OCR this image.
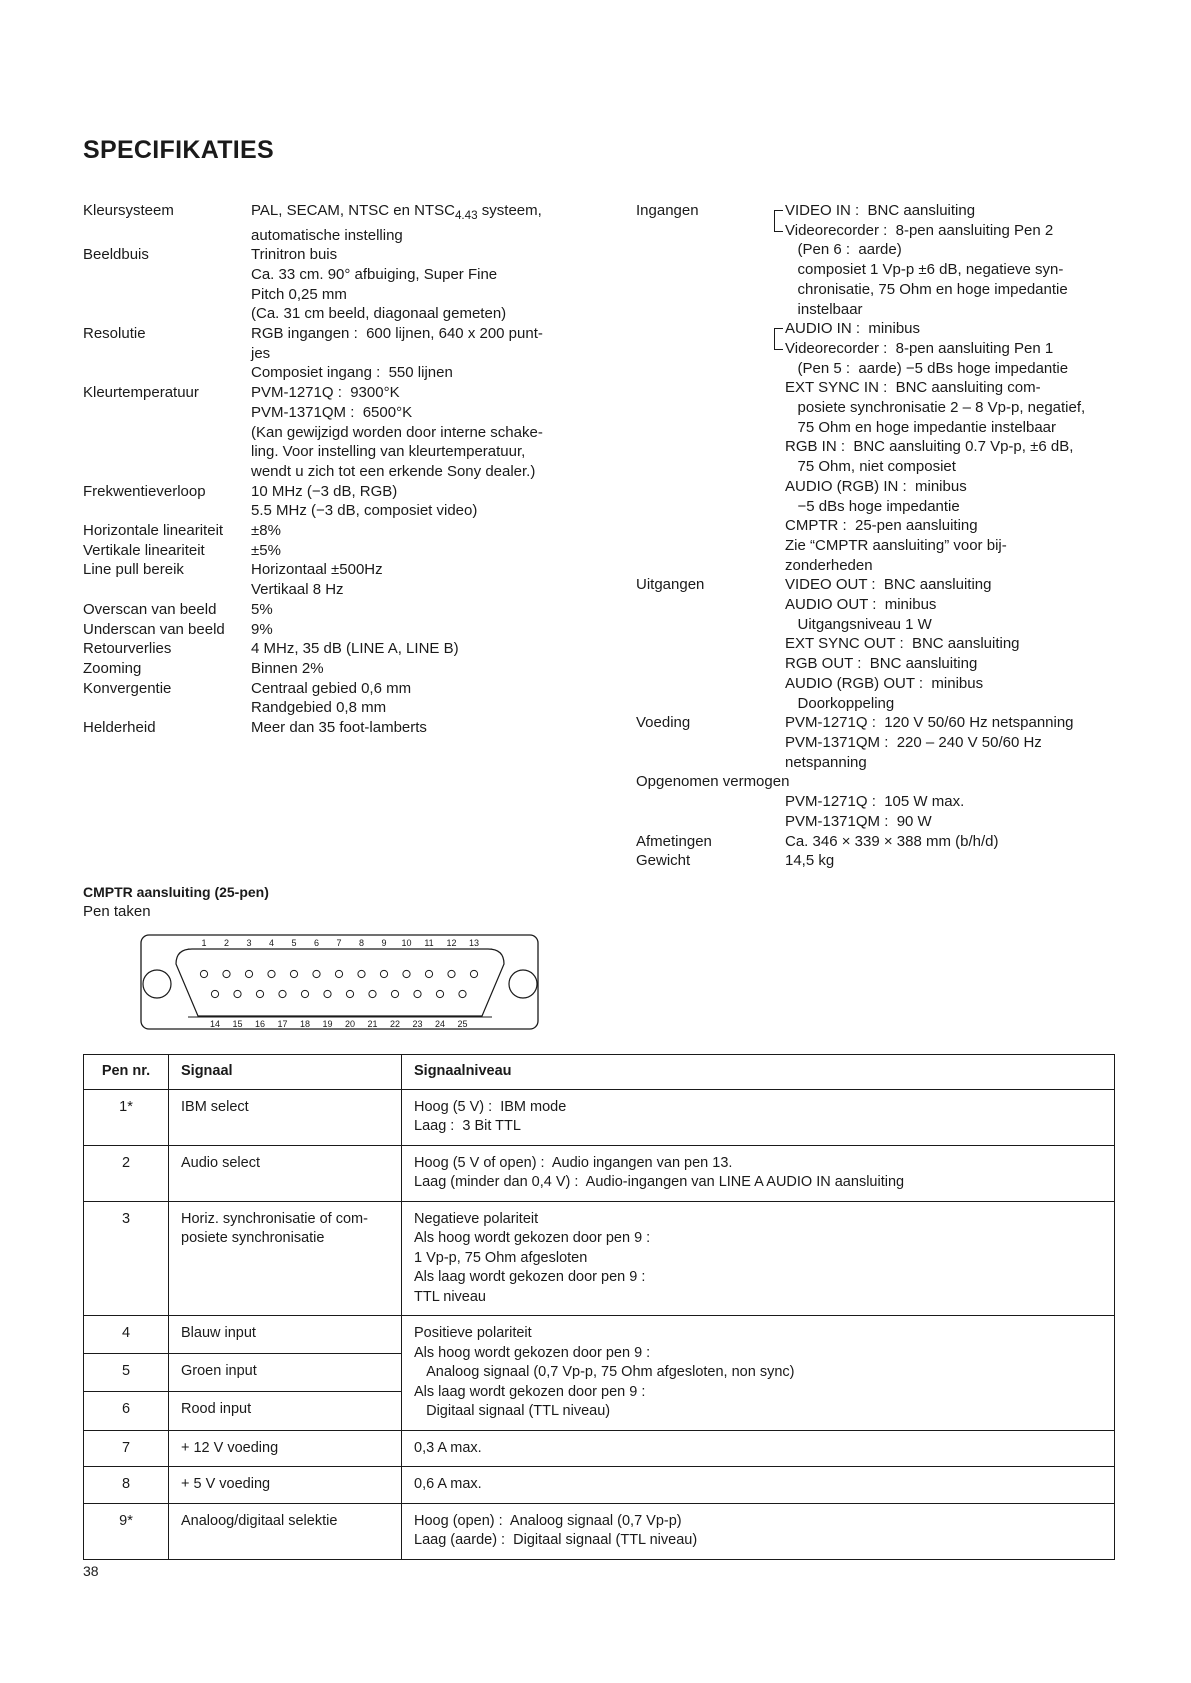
SPECIFIKATIES
Kleursysteem	PAL, SECAM, NTSC en $NTSC_{4.43}$ systeem,
automatische instelling
Beeldbuis	Trinitron buis
Ca. 33 cm. 90° afbuiging, Super Fine
Pitch 0,25 mm
(Ca. 31 cm beeld, diagonaal gemeten)
Resolutie	RGB ingangen :  600 lijnen, 640 x 200 punt-
jes
Composiet ingang :  550 lijnen
Kleurtemperatuur	PVM-1271Q :  9300°K
PVM-1371QM :  6500°K
(Kan gewijzigd worden door interne schake-
ling. Voor instelling van kleurtemperatuur,
wendt u zich tot een erkende Sony dealer.)
Frekwentieverloop	10 MHz (−3 dB, RGB)
5.5 MHz (−3 dB, composiet video)
Horizontale lineariteit	±8%
Vertikale lineariteit	±5%
Line pull bereik	Horizontaal ±500Hz
Vertikaal 8 Hz
Overscan van beeld	5%
Underscan van beeld	9%
Retourverlies	4 MHz, 35 dB (LINE A, LINE B)
Zooming	Binnen 2%
Konvergentie	Centraal gebied 0,6 mm
Randgebied 0,8 mm
Helderheid	Meer dan 35 foot-lamberts
Ingangen	VIDEO IN :  BNC aansluiting
Videorecorder :  8-pen aansluiting Pen 2
(Pen 6 :  aarde)
composiet 1 Vp-p ±6 dB, negatieve syn-
chronisatie, 75 Ohm en hoge impedantie
instelbaar
AUDIO IN :  minibus
Videorecorder :  8-pen aansluiting Pen 1
(Pen 5 :  aarde) −5 dBs hoge impedantie
EXT SYNC IN :  BNC aansluiting com-
posiete synchronisatie 2 – 8 Vp-p, negatief,
75 Ohm en hoge impedantie instelbaar
RGB IN :  BNC aansluiting 0.7 Vp-p, ±6 dB,
75 Ohm, niet composiet
AUDIO (RGB) IN :  minibus
−5 dBs hoge impedantie
CMPTR :  25-pen aansluiting
Zie “CMPTR aansluiting” voor bij-
zonderheden
Uitgangen	VIDEO OUT :  BNC aansluiting
AUDIO OUT :  minibus
Uitgangsniveau 1 W
EXT SYNC OUT :  BNC aansluiting
RGB OUT :  BNC aansluiting
AUDIO (RGB) OUT :  minibus
Doorkoppeling
Voeding	PVM-1271Q :  120 V 50/60 Hz netspanning
PVM-1371QM :  220 – 240 V 50/60 Hz
netspanning
Opgenomen vermogen

PVM-1271Q :  105 W max.
PVM-1371QM :  90 W
Afmetingen	Ca. 346 × 339 × 388 mm (b/h/d)
Gewicht	14,5 kg
CMPTR aansluiting (25-pen)
Pen taken
1 2 3 4 5 6 7 8 9 10 11 12 13
14 15 16 17 18 19 20 21 22 23 24 25
Pen nr.	Signaal	Signaalniveau
1*	IBM select	Hoog (5 V) :  IBM mode
Laag :  3 Bit TTL
2	Audio select	Hoog (5 V of open) :  Audio ingangen van pen 13.
Laag (minder dan 0,4 V) :  Audio-ingangen van LINE A AUDIO IN aansluiting
3	Horiz. synchronisatie of com-
posiete synchronisatie	Negatieve polariteit
Als hoog wordt gekozen door pen 9 :
1 Vp-p, 75 Ohm afgesloten
Als laag wordt gekozen door pen 9 :
TTL niveau
4	Blauw input	Positieve polariteit
Als hoog wordt gekozen door pen 9 :
Analoog signaal (0,7 Vp-p, 75 Ohm afgesloten, non sync)
Als laag wordt gekozen door pen 9 :
Digitaal signaal (TTL niveau)
5	Groen input	
6	Rood input	
7	+ 12 V voeding	0,3 A max.
8	+ 5 V voeding	0,6 A max.
9*	Analoog/digitaal selektie	Hoog (open) :  Analoog signaal (0,7 Vp-p)
Laag (aarde) :  Digitaal signaal (TTL niveau)
38
